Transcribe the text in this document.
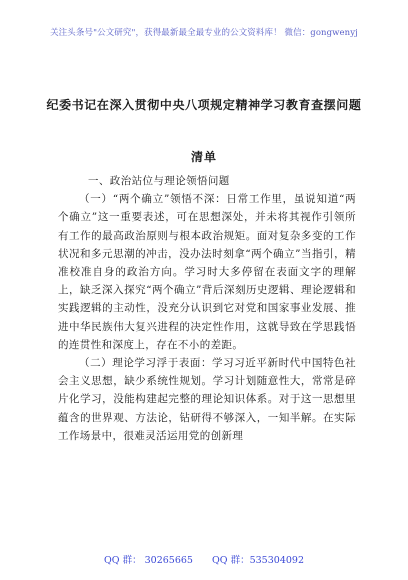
关注头条号"公文研究"，获得最新最全最专业的公文资料库！ 微信：gongwenyj
纪委书记在深入贯彻中央八项规定精神学习教育查摆问题
清单

一、政治站位与理论领悟问题

（一）“两个确立”领悟不深：日常工作里，虽说知道“两个确立”这一重要表述，可在思想深处，并未将其视作引领所有工作的最高政治原则与根本政治规矩。面对复杂多变的工作状况和多元思潮的冲击，没办法时刻拿“两个确立”当指引，精准校准自身的政治方向。学习时大多停留在表面文字的理解上，缺乏深入探究“两个确立”背后深刻历史逻辑、理论逻辑和实践逻辑的主动性，没充分认识到它对党和国家事业发展、推进中华民族伟大复兴进程的决定性作用，这就导致在学思践悟的连贯性和深度上，存在不小的差距。

（二）理论学习浮于表面：学习习近平新时代中国特色社会主义思想，缺少系统性规划。学习计划随意性大，常常是碎片化学习，没能构建起完整的理论知识体系。对于这一思想里蕴含的世界观、方法论，钻研得不够深入，一知半解。在实际工作场景中，很难灵活运用党的创新理

QQ 群： 30265665 QQ 群：535304092
